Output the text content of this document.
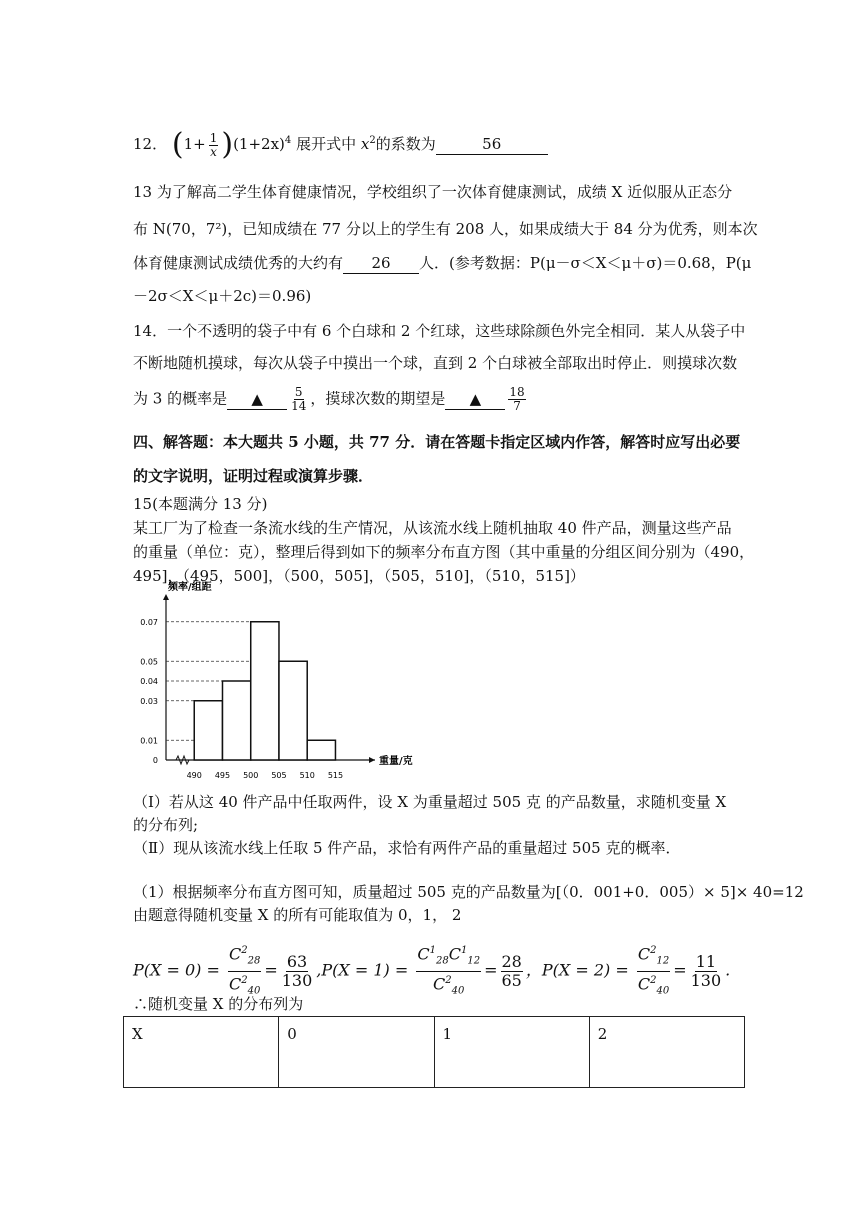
12． $(1+ \frac{1}{x} )(1+2x)^4$ 展开式中 $x^2$的系数为	56
13 为了解高二学生体育健康情况，学校组织了一次体育健康测试，成绩 X 近似服从正态分
布 N(70，7²)，已知成绩在 77 分以上的学生有 208 人，如果成绩大于 84 分为优秀，则本次
体育健康测试成绩优秀的大约有 26 人．(参考数据：P(μ－σ＜X＜μ＋σ)＝0.68，P(μ
－2σ＜X＜μ＋2c)＝0.96)
14．一个不透明的袋子中有 6 个白球和 2 个红球，这些球除颜色外完全相同．某人从袋子中
不断地随机摸球，每次从袋子中摸出一个球，直到 2 个白球被全部取出时停止．则摸球次数
为 3 的概率是 ▲ $\frac{5}{14}$ ，摸球次数的期望是 ▲ $\frac{18}{7}$
四、解答题：本大题共 5 小题，共 77 分．请在答题卡指定区域内作答，解答时应写出必要
的文字说明，证明过程或演算步骤．
15(本题满分 13 分)
某工厂为了检查一条流水线的生产情况，从该流水线上随机抽取 40 件产品，测量这些产品
的重量（单位：克），整理后得到如下的频率分布直方图（其中重量的分组区间分别为（490，
495]，（495，500]，（500，505]，（505，510]，（510，515]）
频率/组距
重量/克
0.07
0.05
0.04
0.03
0.01
0
490 495 500 505 510 515
（Ⅰ）若从这 40 件产品中任取两件，设 X 为重量超过 505 克 的产品数量，求随机变量 X
的分布列;
（Ⅱ）现从该流水线上任取 5 件产品，求恰有两件产品的重量超过 505 克的概率．
（1）根据频率分布直方图可知，质量超过 505 克的产品数量为[（0．001+0．005）× 5]× 40=12
由题意得随机变量 X 的所有可能取值为 0，1， 2
$P(X = 0) = \frac{C^2_{28}}{C^2_{40}} = \frac{63}{130} ,P(X = 1) = \frac{C^1_{28}C^1_{12}}{C^2_{40}} = \frac{28}{65}$ ，$P(X = 2) = \frac{C^2_{12}}{C^2_{40}} = \frac{11}{130}$ .
∴随机变量 X 的分布列为
X	0	1	2
